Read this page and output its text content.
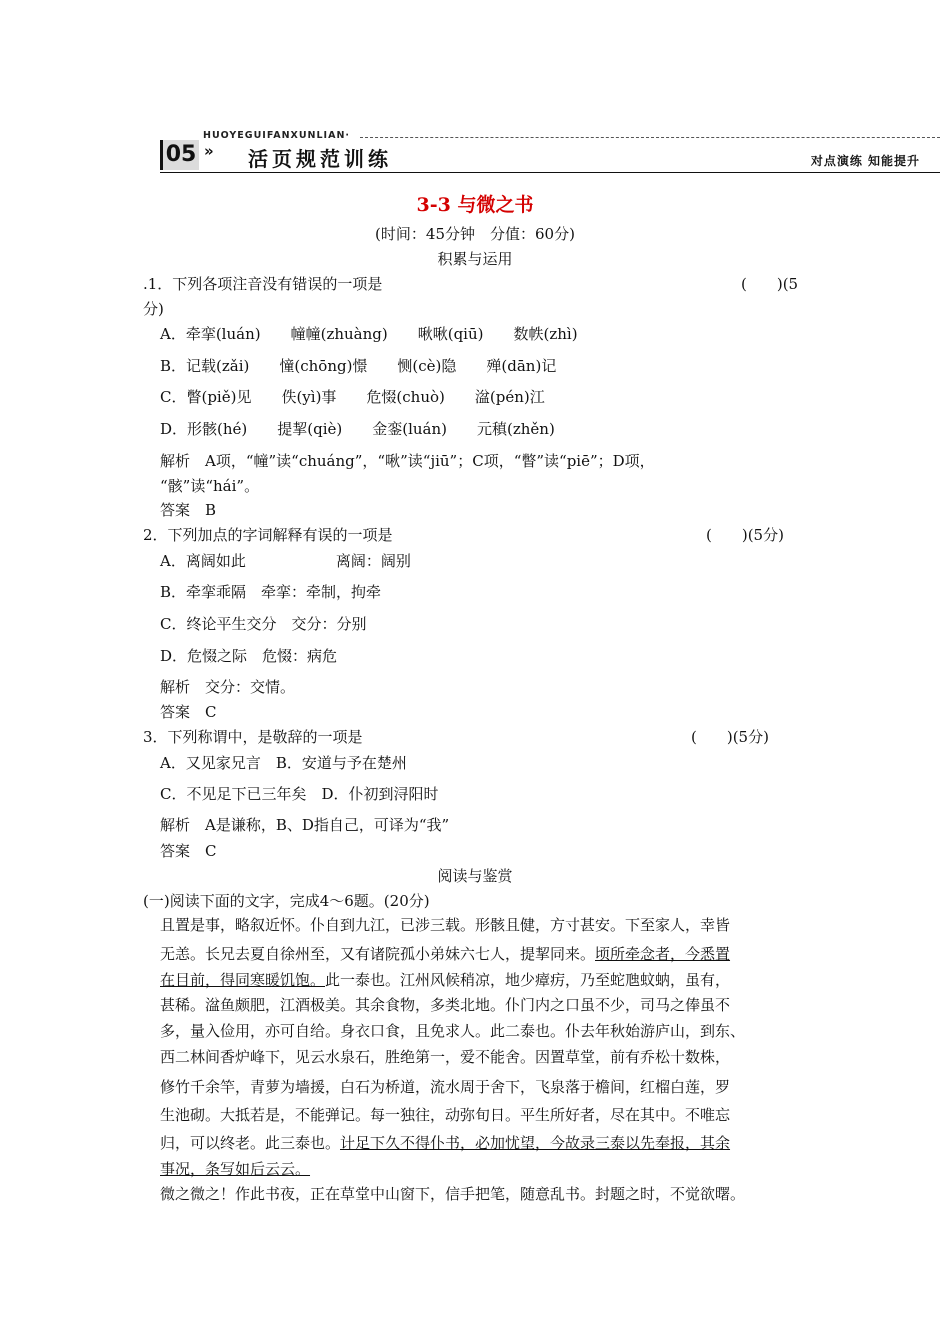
HUOYEGUIFANXUNLIAN·
05 » 活页规范训练	对点演练 知能提升
3-3 与微之书
(时间：45分钟　分值：60分)
积累与运用
.1．下列各项注音没有错误的一项是	(　　)(5
分)
A．牵挛(luán)　　幢幢(zhuàng)　　啾啾(qiū)　　数帙(zhì)
B．记载(zǎi)　　憧(chōng)憬　　恻(cè)隐　　殚(dān)记
C．瞥(piě)见　　佚(yì)事　　危惙(chuò)　　湓(pén)江
D．形骸(hé)　　提挈(qiè)　　金銮(luán)　　元稹(zhěn)
解析　A项，“幢”读“chuáng”，“啾”读“jiū”；C项，“瞥”读“piē”；D项，
“骸”读“hái”。
答案　B
2．下列加点的字词解释有误的一项是	(　　)(5分)
A．离阔如此　　　　　　离阔：阔别
B．牵挛乖隔　牵挛：牵制，拘牵
C．终论平生交分　交分：分别
D．危惙之际　危惙：病危
解析　交分：交情。
答案　C
3．下列称谓中，是敬辞的一项是	(　　)(5分)
A．又见家兄言　B．安道与予在楚州
C．不见足下已三年矣　D．仆初到浔阳时
解析　A是谦称，B、D指自己，可译为“我”
答案　C
阅读与鉴赏
(一)阅读下面的文字，完成4～6题。(20分)
且置是事，略叙近怀。仆自到九江，已涉三载。形骸且健，方寸甚安。下至家人，幸皆
无恙。长兄去夏自徐州至，又有诸院孤小弟妹六七人，提挈同来。顷所牵念者，今悉置
在目前，得同寒暖饥饱。此一泰也。江州风候稍凉，地少瘴疠，乃至蛇虺蚊蚋，虽有，
甚稀。湓鱼颇肥，江酒极美。其余食物，多类北地。仆门内之口虽不少，司马之俸虽不
多，量入俭用，亦可自给。身衣口食，且免求人。此二泰也。仆去年秋始游庐山，到东、
西二林间香炉峰下，见云水泉石，胜绝第一，爱不能舍。因置草堂，前有乔松十数株，
修竹千余竿，青萝为墙援，白石为桥道，流水周于舍下，飞泉落于檐间，红榴白莲，罗
生池砌。大抵若是，不能弹记。每一独往，动弥旬日。平生所好者，尽在其中。不唯忘
归，可以终老。此三泰也。计足下久不得仆书，必加忧望，今故录三泰以先奉报，其余
事况，条写如后云云。
微之微之！作此书夜，正在草堂中山窗下，信手把笔，随意乱书。封题之时，不觉欲曙。
